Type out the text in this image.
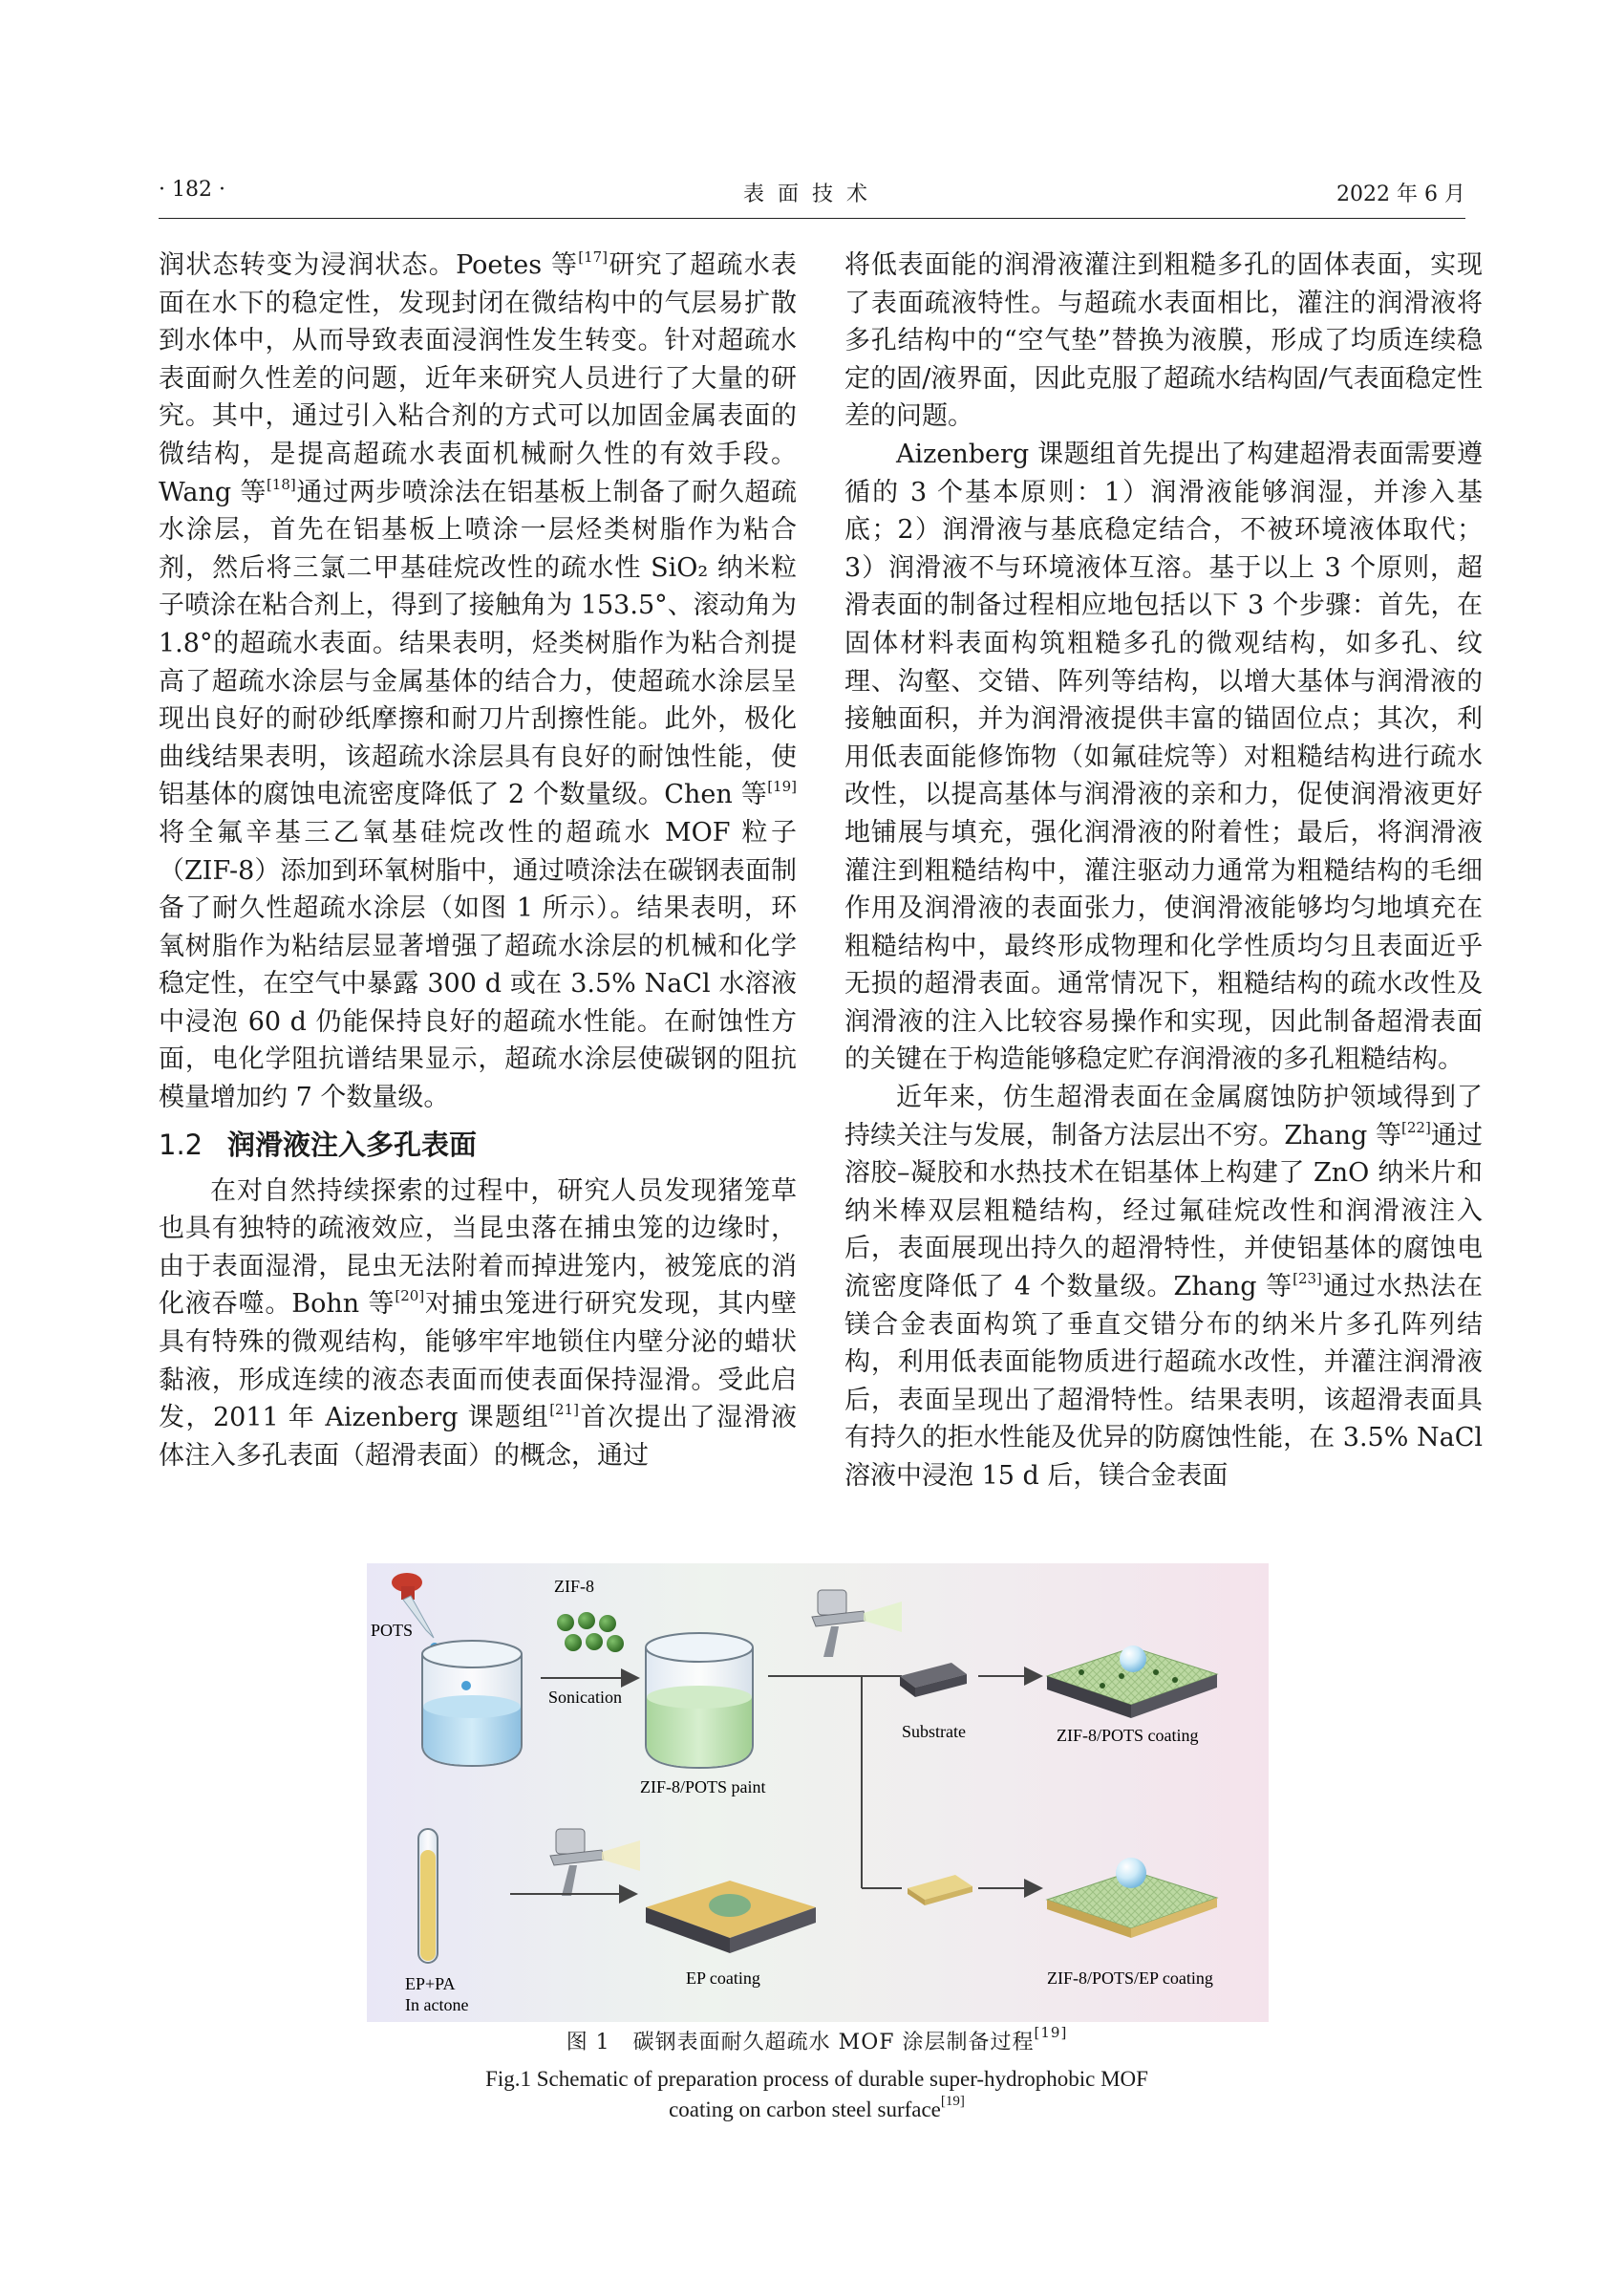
· 182 ·	表面技术	2022 年 6 月

润状态转变为浸润状态。Poetes 等[17]研究了超疏水表面在水下的稳定性，发现封闭在微结构中的气层易扩散到水体中，从而导致表面浸润性发生转变。针对超疏水表面耐久性差的问题，近年来研究人员进行了大量的研究。其中，通过引入粘合剂的方式可以加固金属表面的微结构，是提高超疏水表面机械耐久性的有效手段。Wang 等[18]通过两步喷涂法在铝基板上制备了耐久超疏水涂层，首先在铝基板上喷涂一层烃类树脂作为粘合剂，然后将三氯二甲基硅烷改性的疏水性 SiO₂ 纳米粒子喷涂在粘合剂上，得到了接触角为 153.5°、滚动角为 1.8°的超疏水表面。结果表明，烃类树脂作为粘合剂提高了超疏水涂层与金属基体的结合力，使超疏水涂层呈现出良好的耐砂纸摩擦和耐刀片刮擦性能。此外，极化曲线结果表明，该超疏水涂层具有良好的耐蚀性能，使铝基体的腐蚀电流密度降低了 2 个数量级。Chen 等[19]将全氟辛基三乙氧基硅烷改性的超疏水 MOF 粒子（ZIF-8）添加到环氧树脂中，通过喷涂法在碳钢表面制备了耐久性超疏水涂层（如图 1 所示）。结果表明，环氧树脂作为粘结层显著增强了超疏水涂层的机械和化学稳定性，在空气中暴露 300 d 或在 3.5% NaCl 水溶液中浸泡 60 d 仍能保持良好的超疏水性能。在耐蚀性方面，电化学阻抗谱结果显示，超疏水涂层使碳钢的阻抗模量增加约 7 个数量级。

1.2 润滑液注入多孔表面

在对自然持续探索的过程中，研究人员发现猪笼草也具有独特的疏液效应，当昆虫落在捕虫笼的边缘时，由于表面湿滑，昆虫无法附着而掉进笼内，被笼底的消化液吞噬。Bohn 等[20]对捕虫笼进行研究发现，其内壁具有特殊的微观结构，能够牢牢地锁住内壁分泌的蜡状黏液，形成连续的液态表面而使表面保持湿滑。受此启发，2011 年 Aizenberg 课题组[21]首次提出了湿滑液体注入多孔表面（超滑表面）的概念，通过

将低表面能的润滑液灌注到粗糙多孔的固体表面，实现了表面疏液特性。与超疏水表面相比，灌注的润滑液将多孔结构中的“空气垫”替换为液膜，形成了均质连续稳定的固/液界面，因此克服了超疏水结构固/气表面稳定性差的问题。

Aizenberg 课题组首先提出了构建超滑表面需要遵循的 3 个基本原则：1）润滑液能够润湿，并渗入基底；2）润滑液与基底稳定结合，不被环境液体取代；3）润滑液不与环境液体互溶。基于以上 3 个原则，超滑表面的制备过程相应地包括以下 3 个步骤：首先，在固体材料表面构筑粗糙多孔的微观结构，如多孔、纹理、沟壑、交错、阵列等结构，以增大基体与润滑液的接触面积，并为润滑液提供丰富的锚固位点；其次，利用低表面能修饰物（如氟硅烷等）对粗糙结构进行疏水改性，以提高基体与润滑液的亲和力，促使润滑液更好地铺展与填充，强化润滑液的附着性；最后，将润滑液灌注到粗糙结构中，灌注驱动力通常为粗糙结构的毛细作用及润滑液的表面张力，使润滑液能够均匀地填充在粗糙结构中，最终形成物理和化学性质均匀且表面近乎无损的超滑表面。通常情况下，粗糙结构的疏水改性及润滑液的注入比较容易操作和实现，因此制备超滑表面的关键在于构造能够稳定贮存润滑液的多孔粗糙结构。

近年来，仿生超滑表面在金属腐蚀防护领域得到了持续关注与发展，制备方法层出不穷。Zhang 等[22]通过溶胶–凝胶和水热技术在铝基体上构建了 ZnO 纳米片和纳米棒双层粗糙结构，经过氟硅烷改性和润滑液注入后，表面展现出持久的超滑特性，并使铝基体的腐蚀电流密度降低了 4 个数量级。Zhang 等[23]通过水热法在镁合金表面构筑了垂直交错分布的纳米片多孔阵列结构，利用低表面能物质进行超疏水改性，并灌注润滑液后，表面呈现出了超滑特性。结果表明，该超滑表面具有持久的拒水性能及优异的防腐蚀性能，在 3.5% NaCl 溶液中浸泡 15 d 后，镁合金表面

POTS
ZIF-8
Sonication
ZIF-8/POTS paint
Substrate	ZIF-8/POTS coating
EP+PA
In actone
EP coating	ZIF-8/POTS/EP coating
图 1 碳钢表面耐久超疏水 MOF 涂层制备过程[19]
Fig.1 Schematic of preparation process of durable super-hydrophobic MOF
coating on carbon steel surface[19]
